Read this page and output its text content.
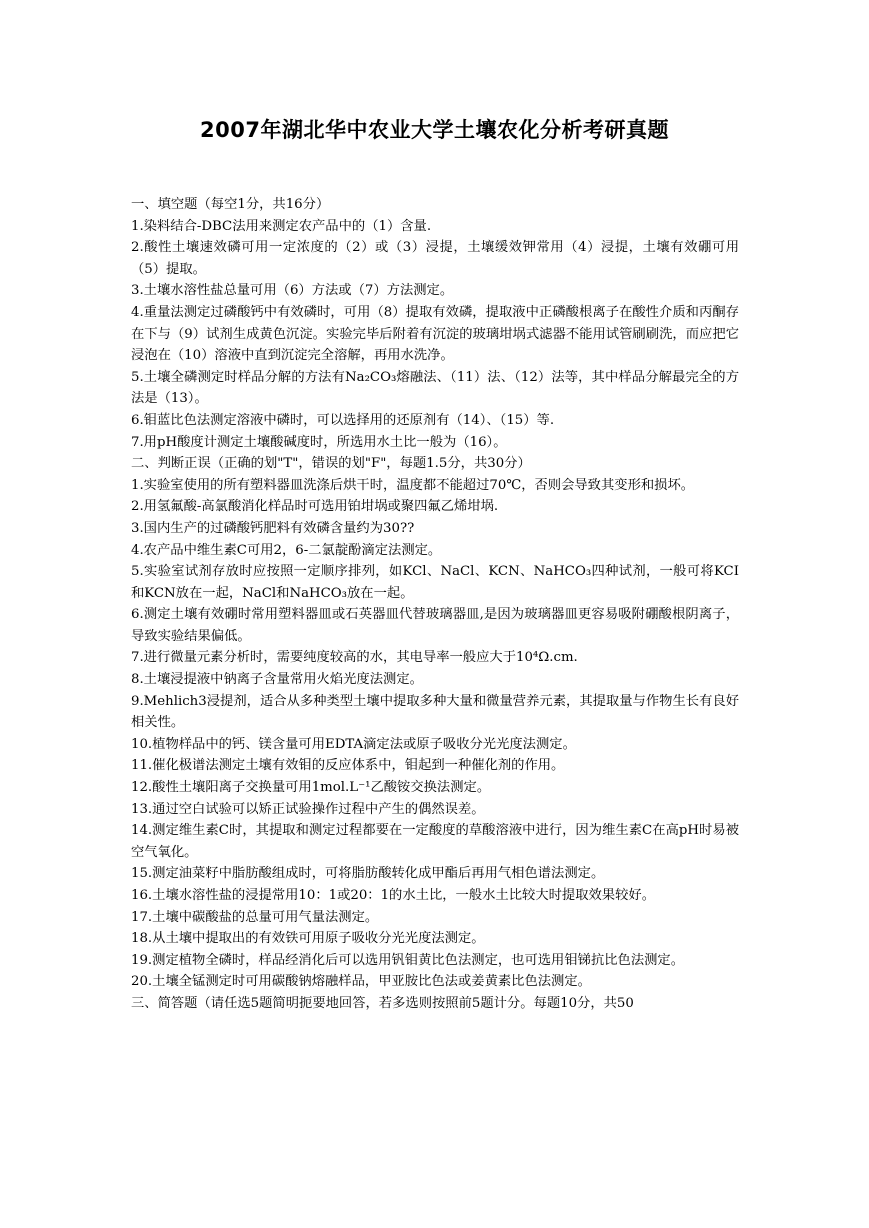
2007年湖北华中农业大学土壤农化分析考研真题

一、填空题（每空1分，共16分）

1.染料结合-DBC法用来测定农产品中的（1）含量.

2.酸性土壤速效磷可用一定浓度的（2）或（3）浸提，土壤缓效钾常用（4）浸提，土壤有效硼可用（5）提取。

3.土壤水溶性盐总量可用（6）方法或（7）方法测定。

4.重量法测定过磷酸钙中有效磷时，可用（8）提取有效磷，提取液中正磷酸根离子在酸性介质和丙酮存在下与（9）试剂生成黄色沉淀。实验完毕后附着有沉淀的玻璃坩埚式滤器不能用试管刷刷洗，而应把它浸泡在（10）溶液中直到沉淀完全溶解，再用水洗净。

5.土壤全磷测定时样品分解的方法有Na₂CO₃熔融法、（11）法、（12）法等，其中样品分解最完全的方法是（13）。

6.钼蓝比色法测定溶液中磷时，可以选择用的还原剂有（14）、（15）等.

7.用pH酸度计测定土壤酸碱度时，所选用水土比一般为（16）。

二、判断正误（正确的划"T"，错误的划"F"，每题1.5分，共30分）

1.实验室使用的所有塑料器皿洗涤后烘干时，温度都不能超过70℃，否则会导致其变形和损坏。

2.用氢氟酸-高氯酸消化样品时可选用铂坩埚或聚四氟乙烯坩埚.

3.国内生产的过磷酸钙肥料有效磷含量约为30??

4.农产品中维生素C可用2，6-二氯靛酚滴定法测定。

5.实验室试剂存放时应按照一定顺序排列，如KCl、NaCl、KCN、NaHCO₃四种试剂，一般可将KCI和KCN放在一起，NaCl和NaHCO₃放在一起。

6.测定土壤有效硼时常用塑料器皿或石英器皿代替玻璃器皿,是因为玻璃器皿更容易吸附硼酸根阴离子，导致实验结果偏低。

7.进行微量元素分析时，需要纯度较高的水，其电导率一般应大于10⁴Ω.cm.

8.土壤浸提液中钠离子含量常用火焰光度法测定。

9.Mehlich3浸提剂，适合从多种类型土壤中提取多种大量和微量营养元素，其提取量与作物生长有良好相关性。

10.植物样品中的钙、镁含量可用EDTA滴定法或原子吸收分光光度法测定。

11.催化极谱法测定土壤有效钼的反应体系中，钼起到一种催化剂的作用。

12.酸性土壤阳离子交换量可用1mol.L⁻¹乙酸铵交换法测定。

13.通过空白试验可以矫正试验操作过程中产生的偶然误差。

14.测定维生素C时，其提取和测定过程都要在一定酸度的草酸溶液中进行，因为维生素C在高pH时易被空气氧化。

15.测定油菜籽中脂肪酸组成时，可将脂肪酸转化成甲酯后再用气相色谱法测定。

16.土壤水溶性盐的浸提常用10：1或20：1的水土比，一般水土比较大时提取效果较好。

17.土壤中碳酸盐的总量可用气量法测定。

18.从土壤中提取出的有效铁可用原子吸收分光光度法测定。

19.测定植物全磷时，样品经消化后可以选用钒钼黄比色法测定，也可选用钼锑抗比色法测定。

20.土壤全锰测定时可用碳酸钠熔融样品，甲亚胺比色法或姜黄素比色法测定。

三、简答题（请任选5题简明扼要地回答，若多选则按照前5题计分。每题10分，共50
